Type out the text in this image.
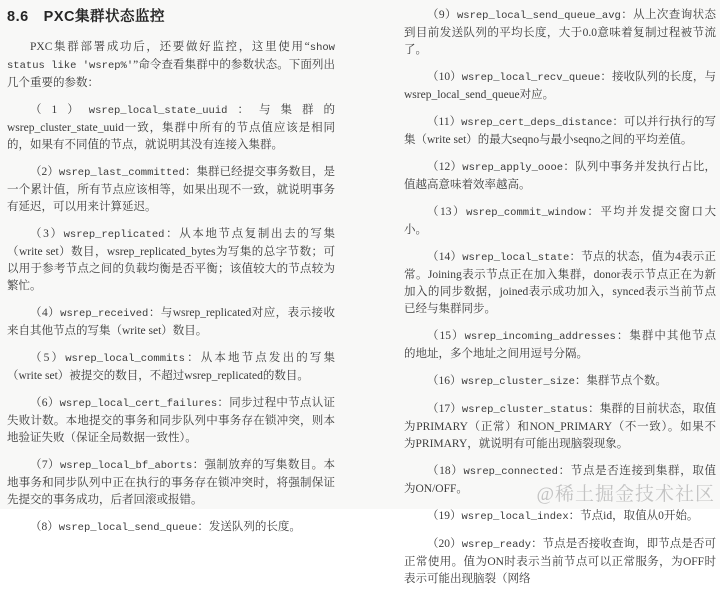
8.6　PXC集群状态监控

PXC集群部署成功后，还要做好监控，这里使用“show status like 'wsrep%'”命令查看集群中的参数状态。下面列出几个重要的参数：

（1）wsrep_local_state_uuid：与集群的wsrep_cluster_state_uuid一致，集群中所有的节点值应该是相同的，如果有不同值的节点，就说明其没有连接入集群。

（2）wsrep_last_committed：集群已经提交事务数目，是一个累计值，所有节点应该相等，如果出现不一致，就说明事务有延迟，可以用来计算延迟。

（3）wsrep_replicated：从本地节点复制出去的写集（write set）数目，wsrep_replicated_bytes为写集的总字节数；可以用于参考节点之间的负载均衡是否平衡；该值较大的节点较为繁忙。

（4）wsrep_received：与wsrep_replicated对应，表示接收来自其他节点的写集（write set）数目。

（5）wsrep_local_commits：从本地节点发出的写集（write set）被提交的数目，不超过wsrep_replicated的数目。

（6）wsrep_local_cert_failures：同步过程中节点认证失败计数。本地提交的事务和同步队列中事务存在锁冲突，则本地验证失败（保证全局数据一致性）。

（7）wsrep_local_bf_aborts：强制放弃的写集数目。本地事务和同步队列中正在执行的事务存在锁冲突时，将强制保证先提交的事务成功，后者回滚或报错。

（8）wsrep_local_send_queue：发送队列的长度。

（9）wsrep_local_send_queue_avg：从上次查询状态到目前发送队列的平均长度，大于0.0意味着复制过程被节流了。

（10）wsrep_local_recv_queue：接收队列的长度，与wsrep_local_send_queue对应。

（11）wsrep_cert_deps_distance：可以并行执行的写集（write set）的最大seqno与最小seqno之间的平均差值。

（12）wsrep_apply_oooe：队列中事务并发执行占比，值越高意味着效率越高。

（13）wsrep_commit_window：平均并发提交窗口大小。

（14）wsrep_local_state：节点的状态，值为4表示正常。Joining表示节点正在加入集群，donor表示节点正在为新加入的同步数据，joined表示成功加入，synced表示当前节点已经与集群同步。

（15）wsrep_incoming_addresses：集群中其他节点的地址，多个地址之间用逗号分隔。

（16）wsrep_cluster_size：集群节点个数。

（17）wsrep_cluster_status：集群的目前状态，取值为PRIMARY（正常）和NON_PRIMARY（不一致）。如果不为PRIMARY，就说明有可能出现脑裂现象。

（18）wsrep_connected：节点是否连接到集群，取值为ON/OFF。

（19）wsrep_local_index：节点id，取值从0开始。

（20）wsrep_ready：节点是否接收查询，即节点是否可正常使用。值为ON时表示当前节点可以正常服务，为OFF时表示可能出现脑裂（网络

@稀土掘金技术社区
